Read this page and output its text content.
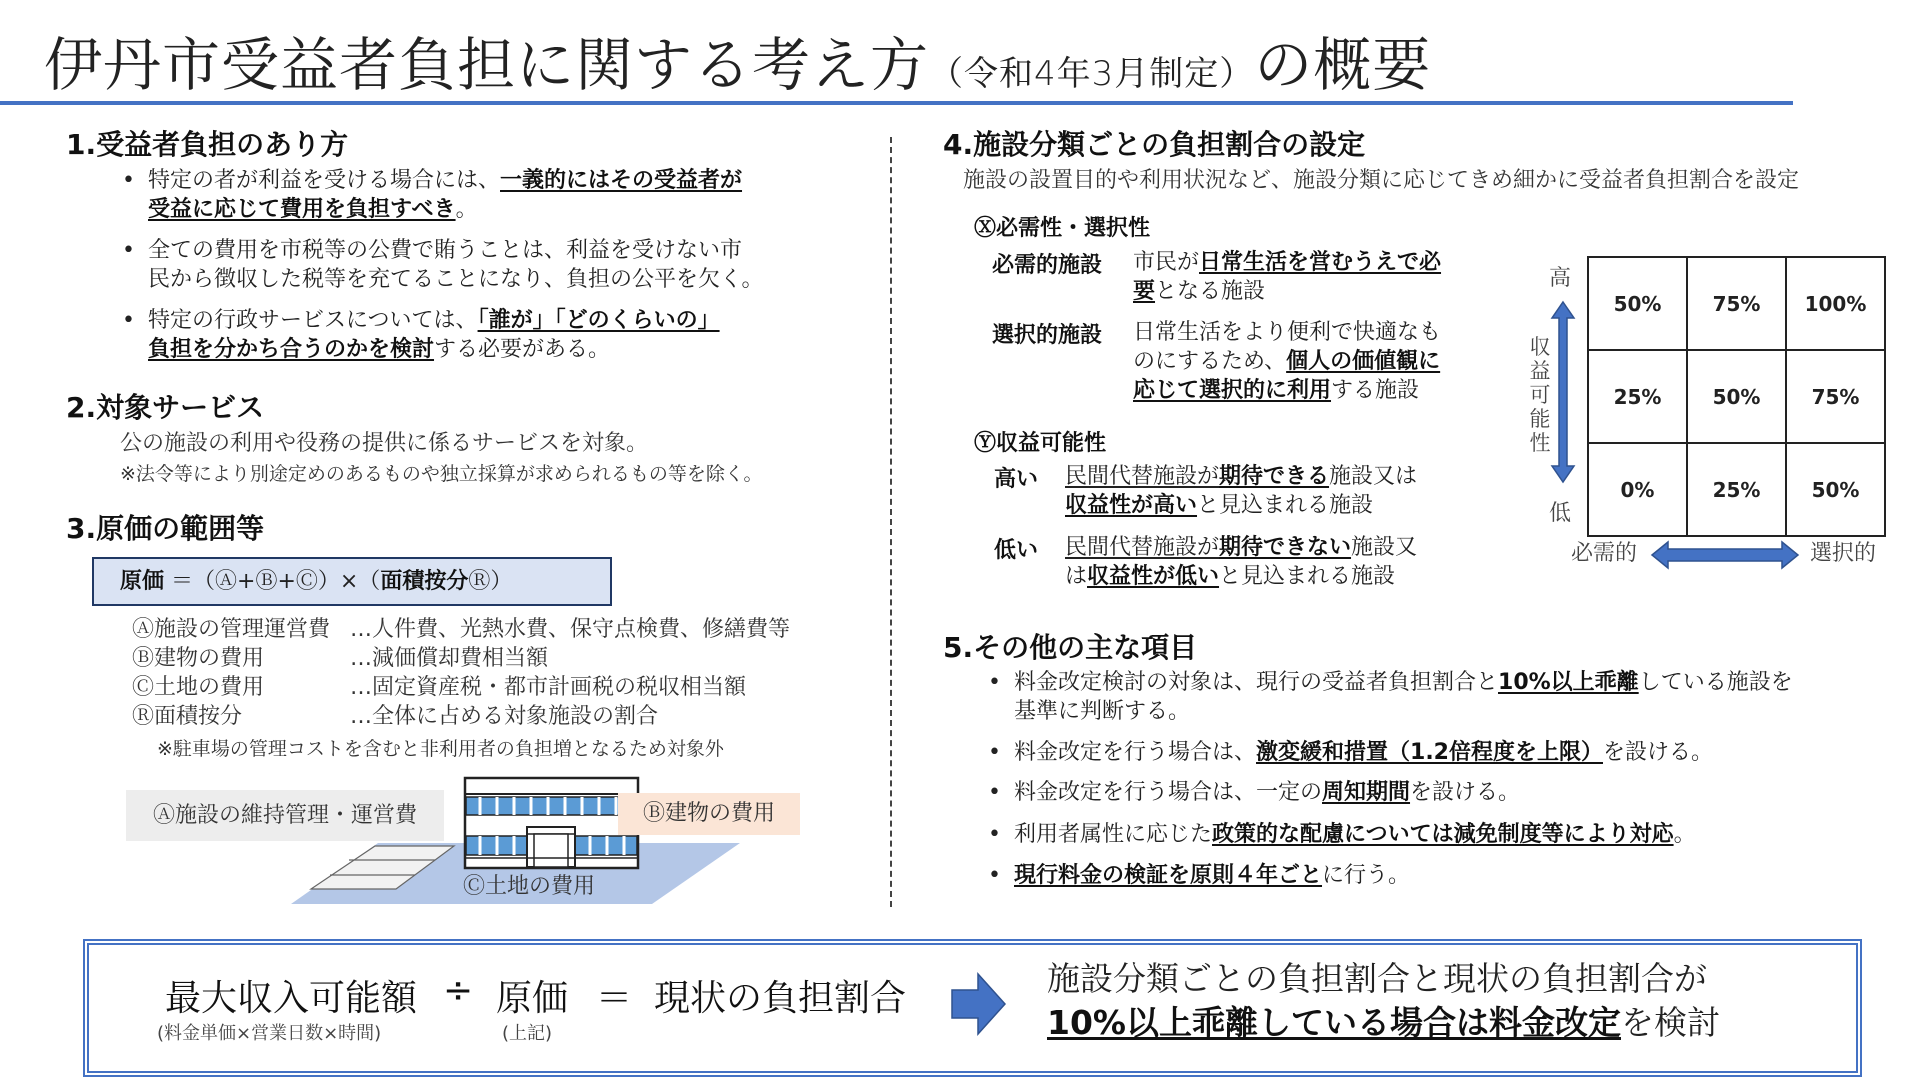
伊丹市受益者負担に関する考え方（令和4年3月制定）の概要
1.受益者負担のあり方
• 特定の者が利益を受ける場合には、一義的にはその受益者が
受益に応じて費用を負担すべき。
• 全ての費用を市税等の公費で賄うことは、利益を受けない市
民から徴収した税等を充てることになり、負担の公平を欠く。
• 特定の行政サービスについては、「誰が」「どのくらいの」
負担を分かち合うのかを検討する必要がある。
2.対象サービス
公の施設の利用や役務の提供に係るサービスを対象。
※法令等により別途定めのあるものや独立採算が求められるもの等を除く。
3.原価の範囲等
原価 ＝（Ⓐ+Ⓑ+Ⓒ）×（面積按分Ⓡ）
Ⓐ施設の管理運営費 …人件費、光熱水費、保守点検費、修繕費等
Ⓑ建物の費用	…減価償却費相当額
Ⓒ土地の費用	…固定資産税・都市計画税の税収相当額
Ⓡ面積按分	…全体に占める対象施設の割合
※駐車場の管理コストを含むと非利用者の負担増となるため対象外
Ⓐ施設の維持管理・運営費	Ⓑ建物の費用
Ⓒ土地の費用
4.施設分類ごとの負担割合の設定
施設の設置目的や利用状況など、施設分類に応じてきめ細かに受益者負担割合を設定
Ⓧ必需性・選択性
必需的施設 市民が日常生活を営むうえで必
要となる施設
選択的施設 日常生活をより便利で快適なも
のにするため、個人の価値観に
応じて選択的に利用する施設
Ⓨ収益可能性
高い 民間代替施設が期待できる施設又は
収益性が高いと見込まれる施設
低い 民間代替施設が期待できない施設又
は収益性が低いと見込まれる施設
50%	75%	100%
25%	50%	75%
0%	25%	50%
高
低
収益可能性
必需的	選択的
5.その他の主な項目
• 料金改定検討の対象は、現行の受益者負担割合と10%以上乖離している施設を
基準に判断する。
• 料金改定を行う場合は、激変緩和措置（1.2倍程度を上限）を設ける。
• 料金改定を行う場合は、一定の周知期間を設ける。
• 利用者属性に応じた政策的な配慮については減免制度等により対応。
• 現行料金の検証を原則４年ごとに行う。
最大収入可能額
(料金単価×営業日数×時間)
÷ 原価
(上記)
＝ 現状の負担割合	施設分類ごとの負担割合と現状の負担割合が
10%以上乖離している場合は料金改定を検討
